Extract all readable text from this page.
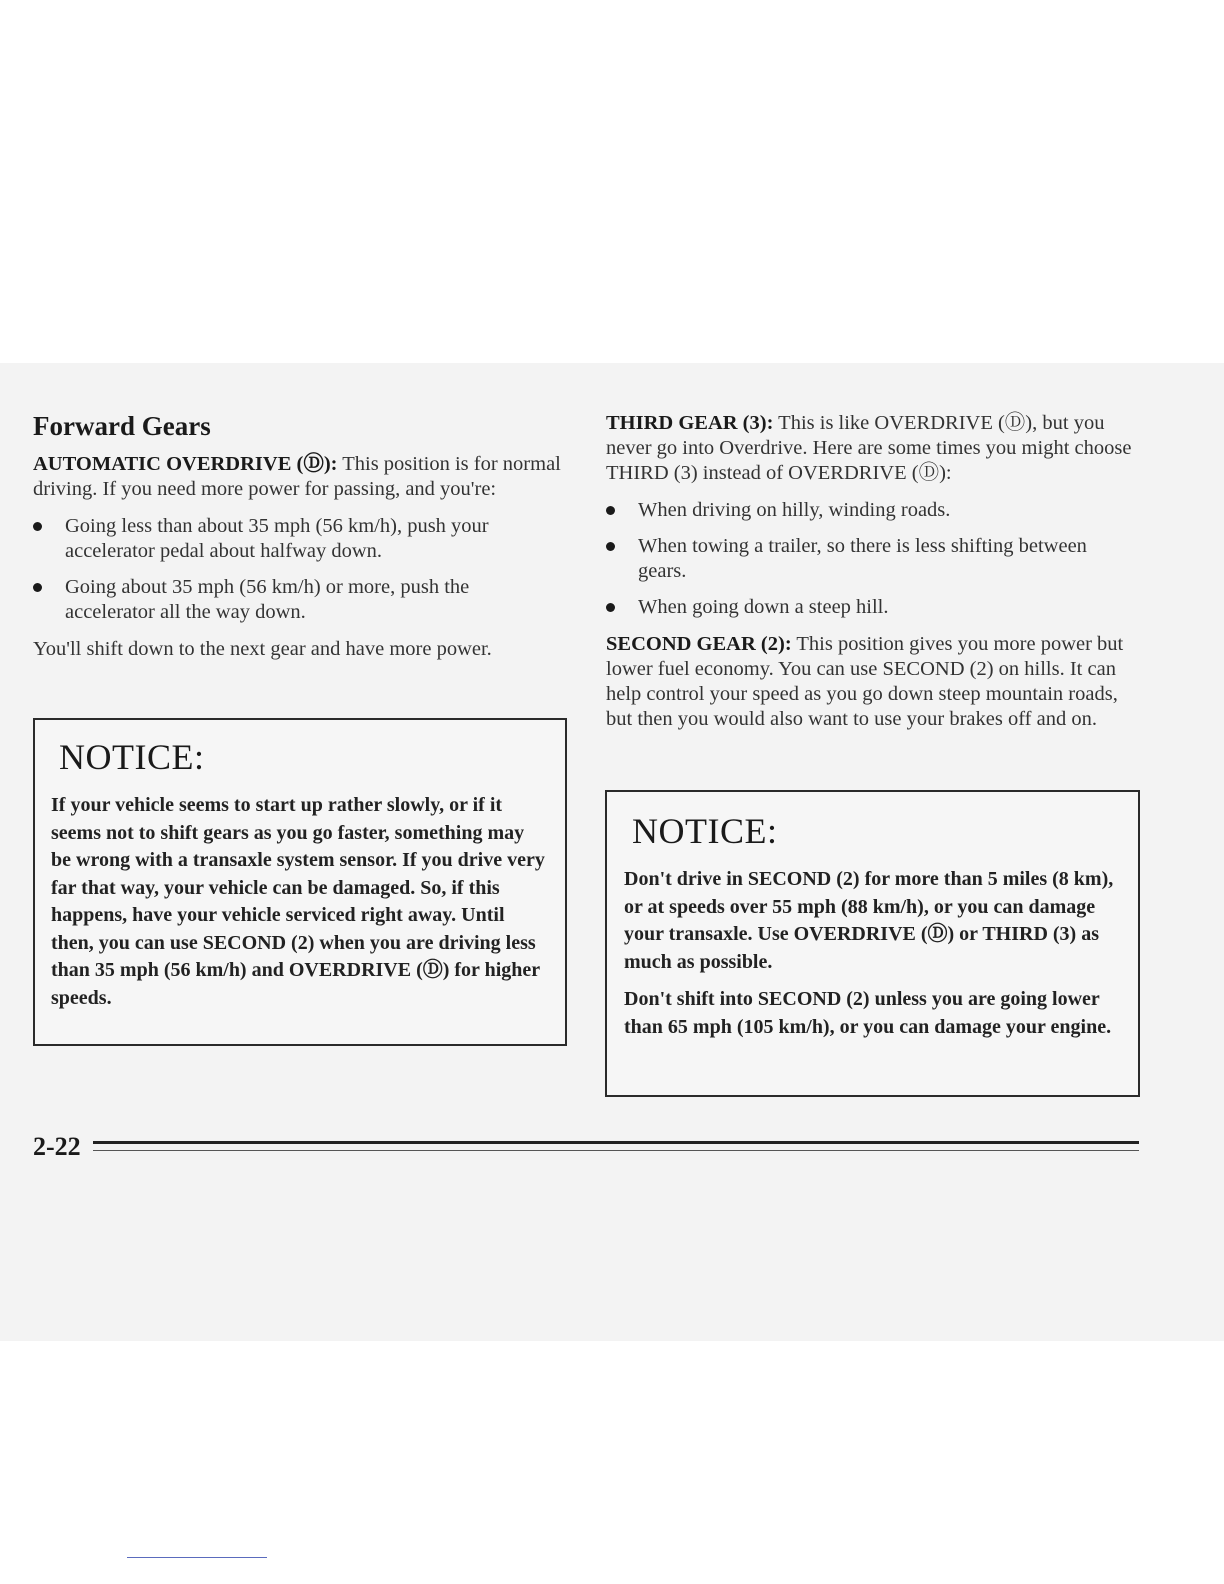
Forward Gears

AUTOMATIC OVERDRIVE (Ⓓ): This position is for normal driving. If you need more power for passing, and you're:

Going less than about 35 mph (56 km/h), push your accelerator pedal about halfway down.
Going about 35 mph (56 km/h) or more, push the accelerator all the way down.

You'll shift down to the next gear and have more power.

NOTICE:

If your vehicle seems to start up rather slowly, or if it seems not to shift gears as you go faster, something may be wrong with a transaxle system sensor. If you drive very far that way, your vehicle can be damaged. So, if this happens, have your vehicle serviced right away. Until then, you can use SECOND (2) when you are driving less than 35 mph (56 km/h) and OVERDRIVE (Ⓓ) for higher speeds.

THIRD GEAR (3): This is like OVERDRIVE (Ⓓ), but you never go into Overdrive. Here are some times you might choose THIRD (3) instead of OVERDRIVE (Ⓓ):

When driving on hilly, winding roads.
When towing a trailer, so there is less shifting between gears.
When going down a steep hill.

SECOND GEAR (2): This position gives you more power but lower fuel economy. You can use SECOND (2) on hills. It can help control your speed as you go down steep mountain roads, but then you would also want to use your brakes off and on.

NOTICE:

Don't drive in SECOND (2) for more than 5 miles (8 km), or at speeds over 55 mph (88 km/h), or you can damage your transaxle. Use OVERDRIVE (Ⓓ) or THIRD (3) as much as possible.

Don't shift into SECOND (2) unless you are going lower than 65 mph (105 km/h), or you can damage your engine.

2-22
